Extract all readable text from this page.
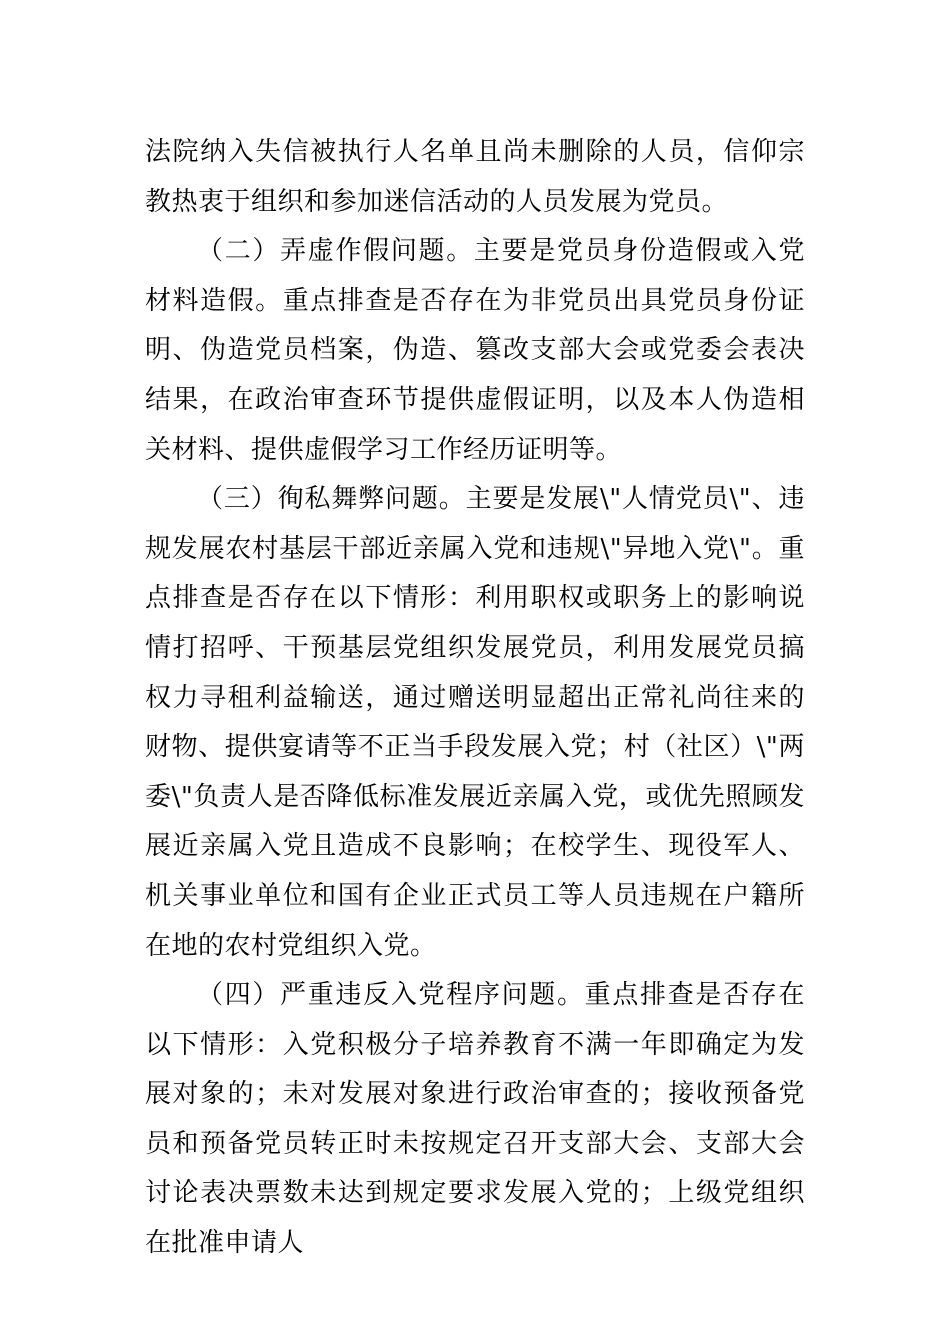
法院纳入失信被执行人名单且尚未删除的人员，信仰宗教热衷于组织和参加迷信活动的人员发展为党员。

（二）弄虚作假问题。主要是党员身份造假或入党材料造假。重点排查是否存在为非党员出具党员身份证明、伪造党员档案，伪造、篡改支部大会或党委会表决结果，在政治审查环节提供虚假证明，以及本人伪造相关材料、提供虚假学习工作经历证明等。

（三）徇私舞弊问题。主要是发展\"人情党员\"、违规发展农村基层干部近亲属入党和违规\"异地入党\"。重点排查是否存在以下情形：利用职权或职务上的影响说情打招呼、干预基层党组织发展党员，利用发展党员搞权力寻租利益输送，通过赠送明显超出正常礼尚往来的财物、提供宴请等不正当手段发展入党；村（社区）\"两委\"负责人是否降低标准发展近亲属入党，或优先照顾发展近亲属入党且造成不良影响；在校学生、现役军人、机关事业单位和国有企业正式员工等人员违规在户籍所在地的农村党组织入党。

（四）严重违反入党程序问题。重点排查是否存在以下情形：入党积极分子培养教育不满一年即确定为发展对象的；未对发展对象进行政治审查的；接收预备党员和预备党员转正时未按规定召开支部大会、支部大会讨论表决票数未达到规定要求发展入党的；上级党组织在批准申请人
